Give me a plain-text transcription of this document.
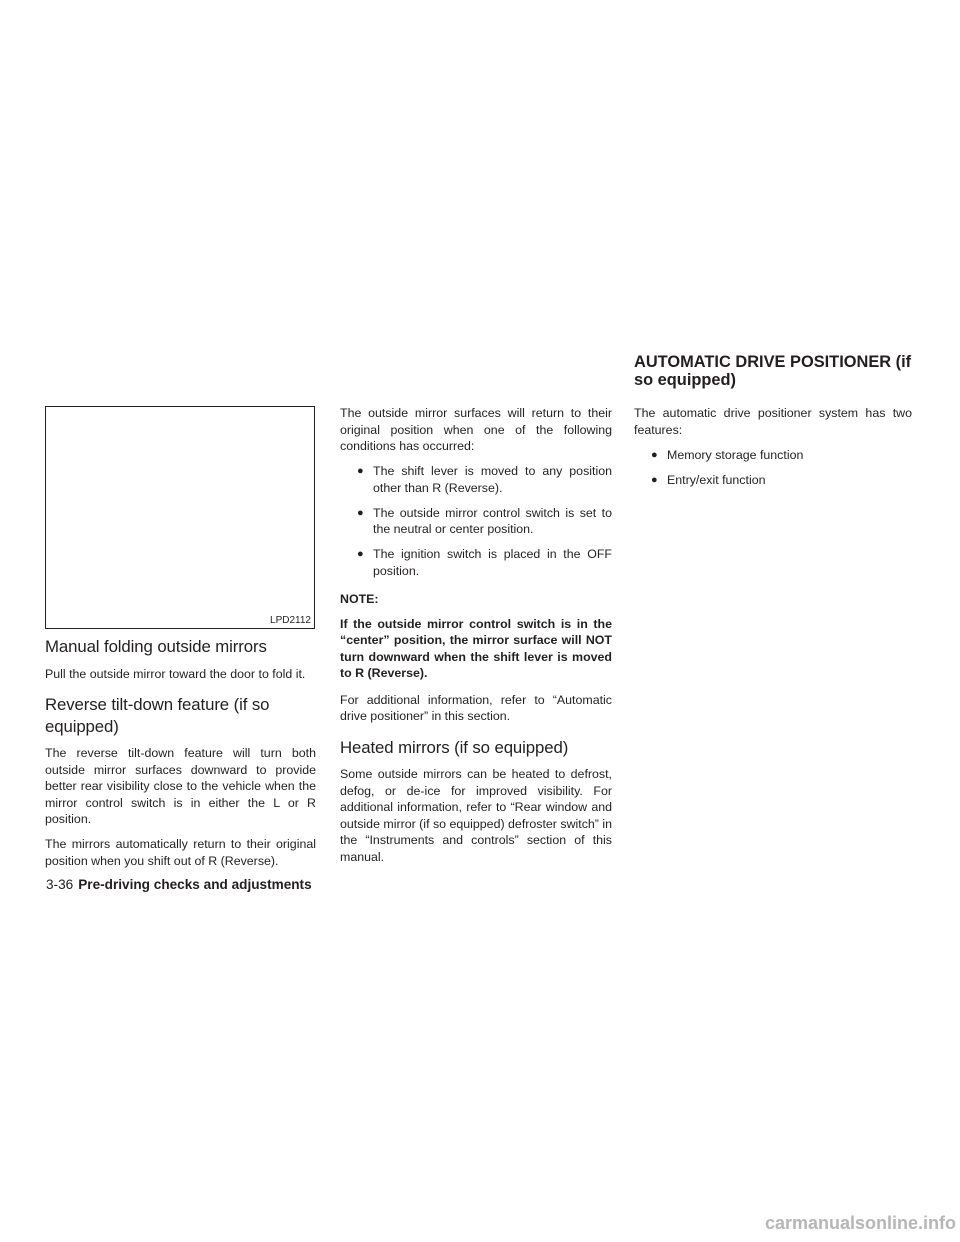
LPD2112
Manual folding outside mirrors

Pull the outside mirror toward the door to fold it.

Reverse tilt-down feature (if so equipped)

The reverse tilt-down feature will turn both outside mirror surfaces downward to provide better rear visibility close to the vehicle when the mirror control switch is in either the L or R position.

The mirrors automatically return to their original position when you shift out of R (Reverse).

The outside mirror surfaces will return to their original position when one of the following conditions has occurred:

● The shift lever is moved to any position other than R (Reverse).
● The outside mirror control switch is set to the neutral or center position.
● The ignition switch is placed in the OFF position.
NOTE:

If the outside mirror control switch is in the “center” position, the mirror surface will NOT turn downward when the shift lever is moved to R (Reverse).

For additional information, refer to “Automatic drive positioner” in this section.

Heated mirrors (if so equipped)

Some outside mirrors can be heated to defrost, defog, or de-ice for improved visibility. For additional information, refer to “Rear window and outside mirror (if so equipped) defroster switch” in the “Instruments and controls” section of this manual.

AUTOMATIC DRIVE POSITIONER (if so equipped)

The automatic drive positioner system has two features:

● Memory storage function
● Entry/exit function
3-36 Pre-driving checks and adjustments
carmanualsonline.info
